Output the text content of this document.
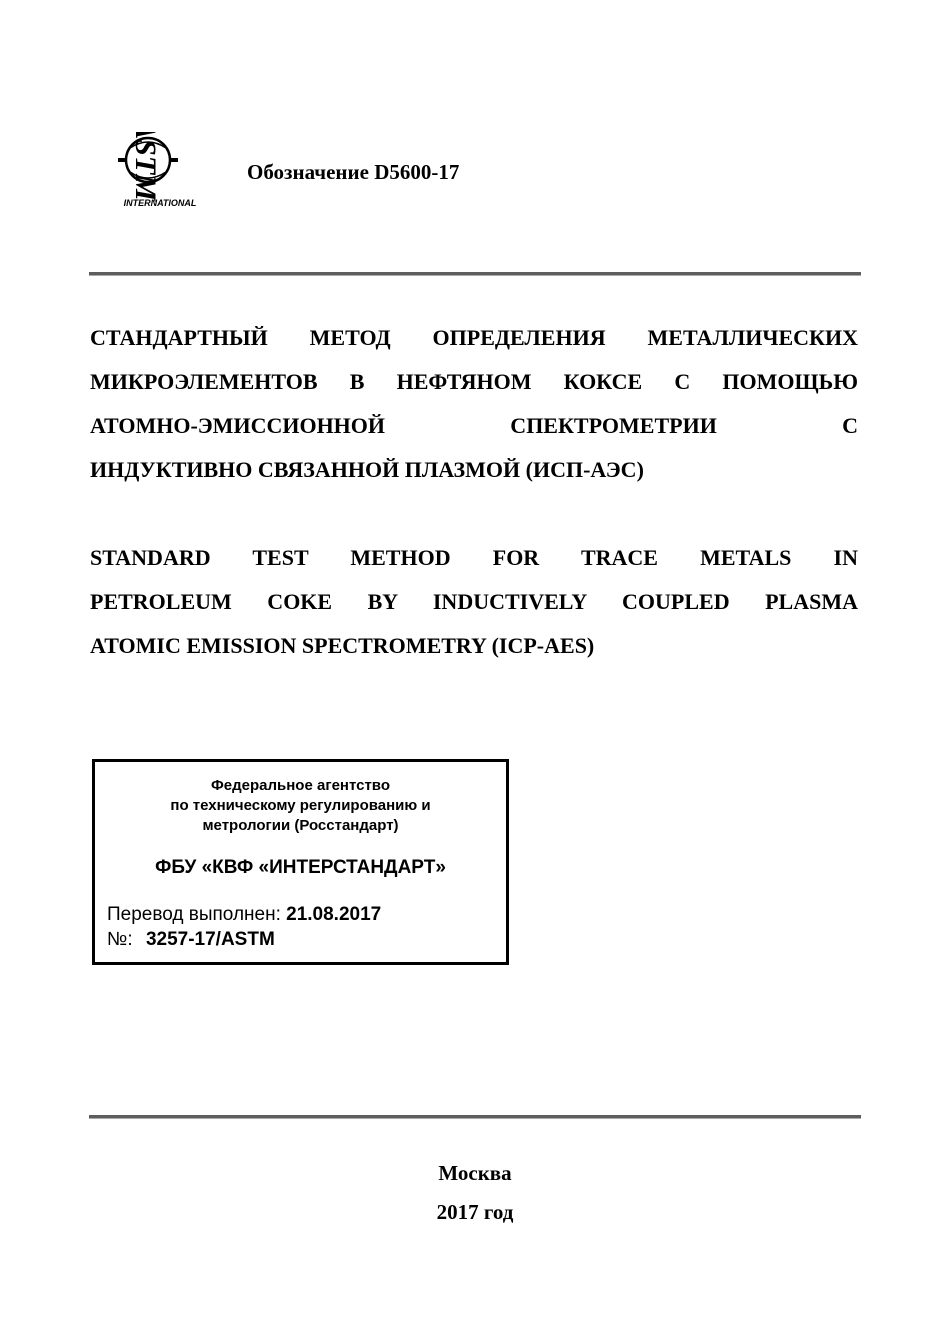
ASTM
INTERNATIONAL
Обозначение D5600-17
СТАНДАРТНЫЙ МЕТОД ОПРЕДЕЛЕНИЯ МЕТАЛЛИЧЕСКИХ
МИКРОЭЛЕМЕНТОВ В НЕФТЯНОМ КОКСЕ С ПОМОЩЬЮ
АТОМНО-ЭМИССИОННОЙ СПЕКТРОМЕТРИИ С
ИНДУКТИВНО СВЯЗАННОЙ ПЛАЗМОЙ (ИСП-АЭС)
STANDARD TEST METHOD FOR TRACE METALS IN
PETROLEUM COKE BY INDUCTIVELY COUPLED PLASMA
ATOMIC EMISSION SPECTROMETRY (ICP-AES)
Федеральное агентство
по техническому регулированию и
метрологии (Росстандарт)
ФБУ «КВФ «ИНТЕРСТАНДАРТ»
Перевод выполнен: 21.08.2017
№: 3257-17/ASTM
Москва
2017 год
